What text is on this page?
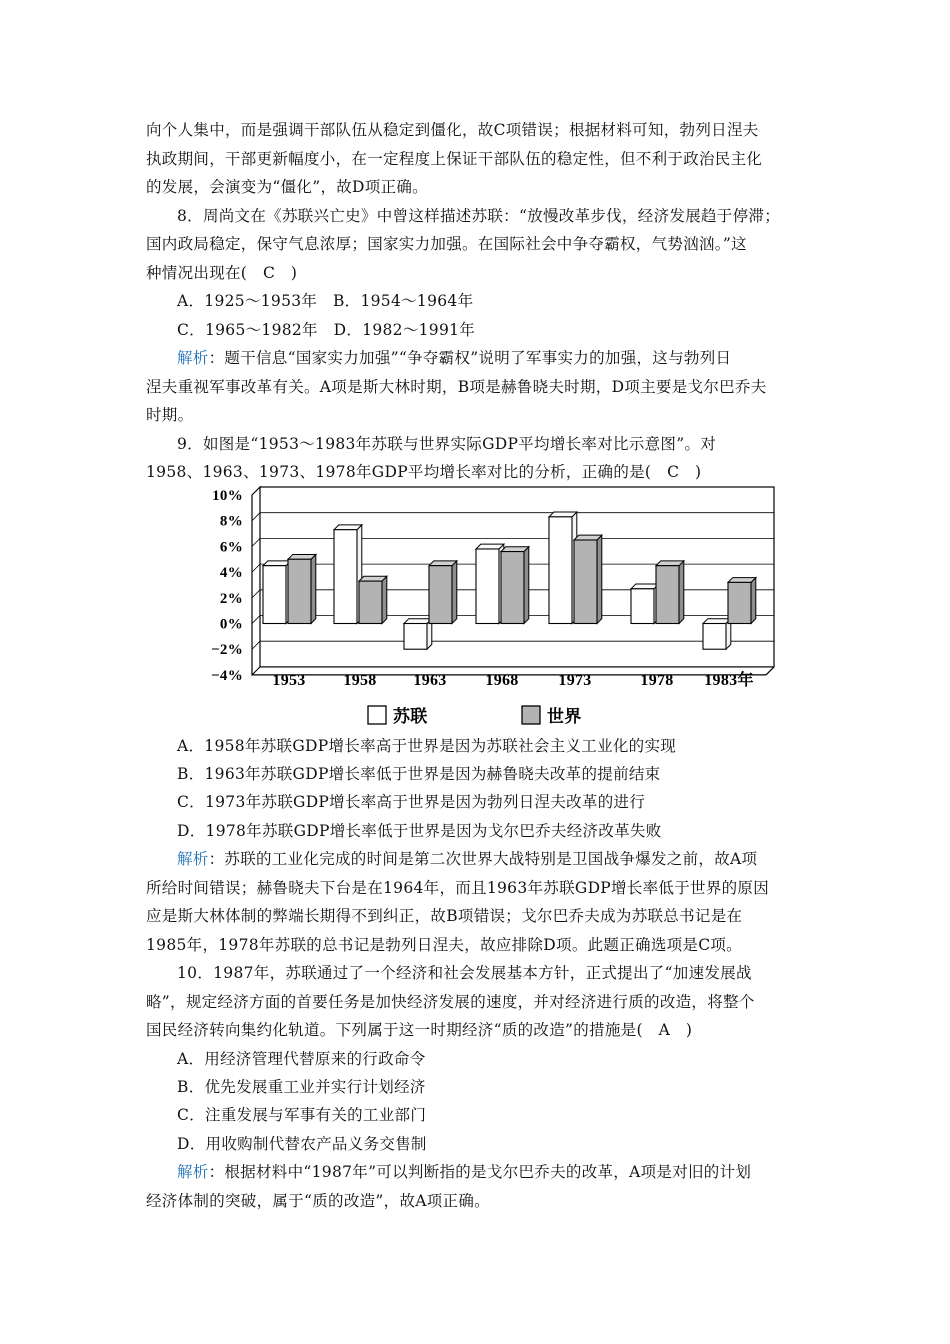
向个人集中，而是强调干部队伍从稳定到僵化，故C项错误；根据材料可知，勃列日涅夫
执政期间，干部更新幅度小，在一定程度上保证干部队伍的稳定性，但不利于政治民主化
的发展，会演变为“僵化”，故D项正确。
8．周尚文在《苏联兴亡史》中曾这样描述苏联：“放慢改革步伐，经济发展趋于停滞；
国内政局稳定，保守气息浓厚；国家实力加强。在国际社会中争夺霸权，气势汹汹。”这
种情况出现在(　C　)
A．1925～1953年　B．1954～1964年
C．1965～1982年　D．1982～1991年
解析：题干信息“国家实力加强”“争夺霸权”说明了军事实力的加强，这与勃列日
涅夫重视军事改革有关。A项是斯大林时期，B项是赫鲁晓夫时期，D项主要是戈尔巴乔夫
时期。
9．如图是“1953～1983年苏联与世界实际GDP平均增长率对比示意图”。对
1958、1963、1973、1978年GDP平均增长率对比的分析，正确的是(　C　)
A．1958年苏联GDP增长率高于世界是因为苏联社会主义工业化的实现
B．1963年苏联GDP增长率低于世界是因为赫鲁晓夫改革的提前结束
C．1973年苏联GDP增长率高于世界是因为勃列日涅夫改革的进行
D．1978年苏联GDP增长率低于世界是因为戈尔巴乔夫经济改革失败
解析：苏联的工业化完成的时间是第二次世界大战特别是卫国战争爆发之前，故A项
所给时间错误；赫鲁晓夫下台是在1964年，而且1963年苏联GDP增长率低于世界的原因
应是斯大林体制的弊端长期得不到纠正，故B项错误；戈尔巴乔夫成为苏联总书记是在
1985年，1978年苏联的总书记是勃列日涅夫，故应排除D项。此题正确选项是C项。
10．1987年，苏联通过了一个经济和社会发展基本方针，正式提出了“加速发展战
略”，规定经济方面的首要任务是加快经济发展的速度，并对经济进行质的改造，将整个
国民经济转向集约化轨道。下列属于这一时期经济“质的改造”的措施是(　A　)
A．用经济管理代替原来的行政命令
B．优先发展重工业并实行计划经济
C．注重发展与军事有关的工业部门
D．用收购制代替农产品义务交售制
解析：根据材料中“1987年”可以判断指的是戈尔巴乔夫的改革，A项是对旧的计划
经济体制的突破，属于“质的改造”，故A项正确。
10%
8%
6%
4%
2%
0%
−2%
−4% 1953 1958 1963 1968 1973	1978 1983年
苏联	世界
